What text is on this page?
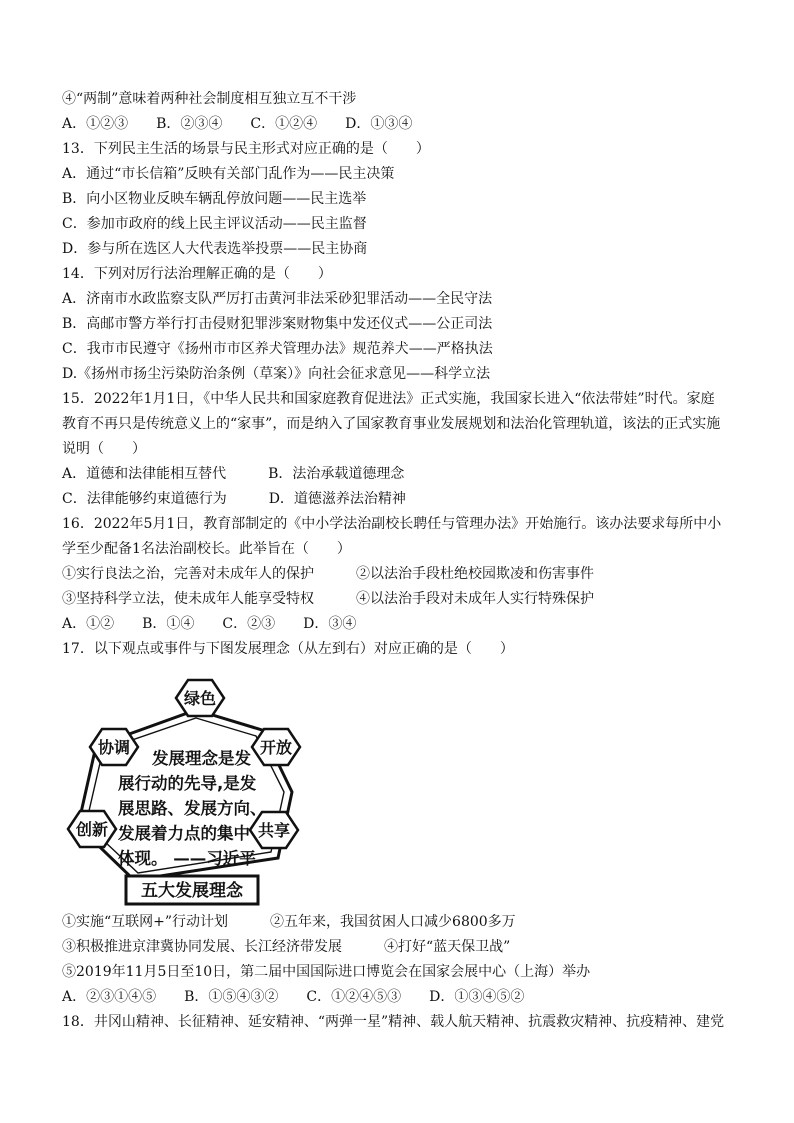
④“两制”意味着两种社会制度相互独立互不干涉
A．①②③　　B．②③④　　C．①②④　　D．①③④
13．下列民主生活的场景与民主形式对应正确的是（　　）
A．通过“市长信箱”反映有关部门乱作为——民主决策
B．向小区物业反映车辆乱停放问题——民主选举
C．参加市政府的线上民主评议活动——民主监督
D．参与所在选区人大代表选举投票——民主协商
14．下列对厉行法治理解正确的是（　　）
A．济南市水政监察支队严厉打击黄河非法采砂犯罪活动——全民守法
B．高邮市警方举行打击侵财犯罪涉案财物集中发还仪式——公正司法
C．我市市民遵守《扬州市市区养犬管理办法》规范养犬——严格执法
D.《扬州市扬尘污染防治条例（草案）》向社会征求意见——科学立法
15．2022年1月1日，《中华人民共和国家庭教育促进法》正式实施，我国家长进入“依法带娃”时代。家庭
教育不再只是传统意义上的“家事”，而是纳入了国家教育事业发展规划和法治化管理轨道，该法的正式实施
说明（　　）
A．道德和法律能相互替代　　　B．法治承载道德理念
C．法律能够约束道德行为　　　D．道德滋养法治精神
16．2022年5月1日，教育部制定的《中小学法治副校长聘任与管理办法》开始施行。该办法要求每所中小
学至少配备1名法治副校长。此举旨在（　　）
①实行良法之治，完善对未成年人的保护　　　②以法治手段杜绝校园欺凌和伤害事件
③坚持科学立法，使未成年人能享受特权　　　④以法治手段对未成年人实行特殊保护
A．①②　　B．①④　　C．②③　　D．③④
17．以下观点或事件与下图发展理念（从左到右）对应正确的是（　　）
绿色
协调	开放
创新	共享
发展理念是发
展行动的先导,是发
展思路、发展方向、
发展着力点的集中
体现。 ——习近平
五大发展理念
①实施“互联网+”行动计划　　　②五年来，我国贫困人口减少6800多万
③积极推进京津冀协同发展、长江经济带发展　　　④打好“蓝天保卫战”
⑤2019年11月5日至10日，第二届中国国际进口博览会在国家会展中心（上海）举办
A．②③①④⑤　　B．①⑤④③②　　C．①②④⑤③　　D．①③④⑤②
18．井冈山精神、长征精神、延安精神、“两弹一星”精神、载人航天精神、抗震救灾精神、抗疫精神、建党
